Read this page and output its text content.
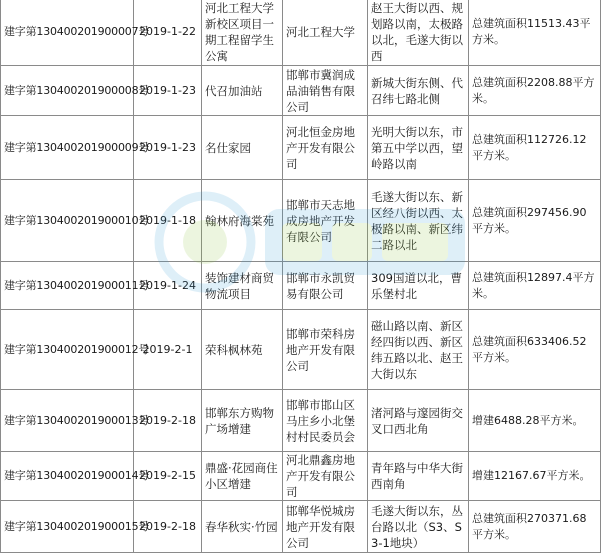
建字第130400201900007号	2019-1-22	河北工程大学新校区项目一期工程留学生公寓	河北工程大学	赵王大街以西、规划路以南，太极路以北，毛遂大街以西	总建筑面积11513.43平方米。
建字第130400201900008号	2019-1-23	代召加油站	邯郸市冀润成品油销售有限公司	新城大街东侧、代召纬七路北侧	总建筑面积2208.88平方米。
建字第130400201900009号	2019-1-23	名仕家园	河北恒金房地产开发有限公司	光明大街以东，市第五中学以西，望岭路以南	总建筑面积112726.12平方米。
建字第130400201900010号	2019-1-18	翰林府海棠苑	邯郸市天志地成房地产开发有限公司	毛遂大街以东、新区经八街以西、太极路以南、新区纬二路以北	总建筑面积297456.90平方米。
建字第130400201900011号	2019-1-24	装饰建材商贸物流项目	邯郸市永凯贸易有限公司	309国道以北，曹乐堡村北	总建筑面积12897.4平方米。
建字第130400201900012号	2019-2-1	荣科枫林苑	邯郸市荣科房地产开发有限公司	磁山路以南、新区经四街以西、新区纬五路以北、赵王大街以东	总建筑面积633406.52平方米。
建字第130400201900013号	2019-2-18	邯郸东方购物广场增建	邯郸市邯山区马庄乡小北堡村村民委员会	渚河路与邃园街交叉口西北角	增建6488.28平方米。
建字第130400201900014号	2019-2-15	鼎盛·花园商住小区增建	河北鼎鑫房地产开发有限公司	青年路与中华大街西南角	增建12167.67平方米。
建字第130400201900015号	2019-2-18	春华秋实·竹园	邯郸华悦城房地产开发有限公司	毛遂大街以东，丛台路以北（S3、S3-1地块）	总建筑面积270371.68平方米。
